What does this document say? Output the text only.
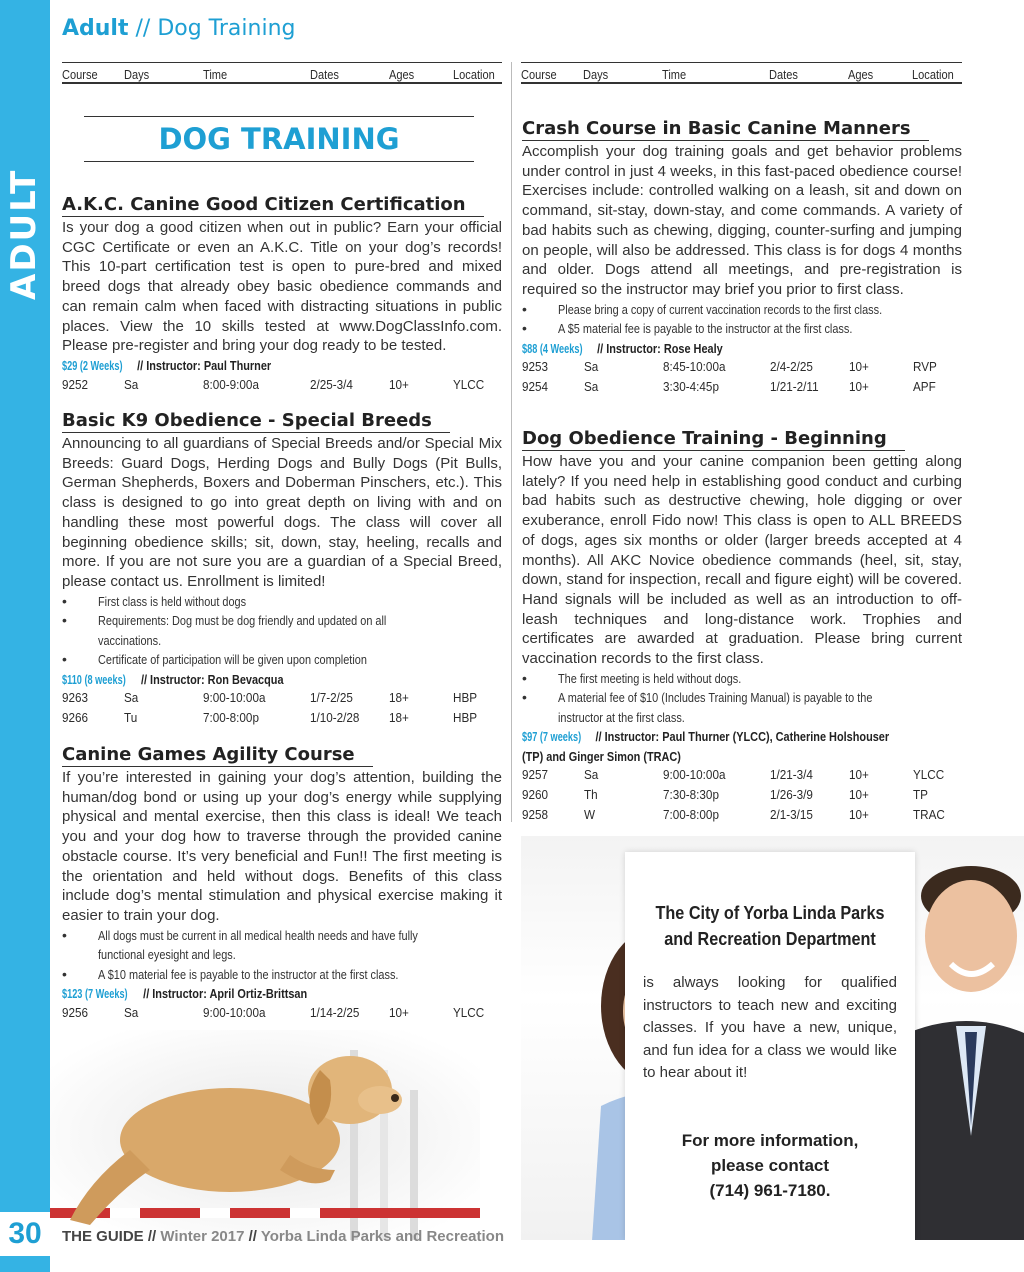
ADULT
30
Adult // Dog Training
Course Days	Time	Dates	Ages	Location Course Days	Time	Dates	Ages	Location
DOG TRAINING
A.K.C. Canine Good Citizen Certification

Is your dog a good citizen when out in public? Earn your official CGC Certificate or even an A.K.C. Title on your dog’s records! This 10-part certification test is open to pure-bred and mixed breed dogs that already obey basic obedience commands and can remain calm when faced with distracting situations in public places. View the 10 skills tested at www.DogClassInfo.com. Please pre-register and bring your dog ready to be tested.

$29 (2 Weeks) // Instructor: Paul Thurner
9252	Sa	8:00-9:00a	2/25-3/4	10+	YLCC
Basic K9 Obedience - Special Breeds

Announcing to all guardians of Special Breeds and/or Special Mix Breeds: Guard Dogs, Herding Dogs and Bully Dogs (Pit Bulls, German Shepherds, Boxers and Doberman Pinschers, etc.). This class is designed to go into great depth on living with and on handling these most powerful dogs. The class will cover all beginning obedience skills; sit, down, stay, heeling, recalls and more. If you are not sure you are a guardian of a Special Breed, please contact us. Enrollment is limited!

• First class is held without dogs
• Requirements: Dog must be dog friendly and updated on all
vaccinations.
• Certificate of participation will be given upon completion
$110 (8 weeks) // Instructor: Ron Bevacqua
9263	Sa	9:00-10:00a	1/7-2/25	18+	HBP
9266	Tu	7:00-8:00p	1/10-2/28 18+	HBP
Canine Games Agility Course

If you’re interested in gaining your dog’s attention, building the human/dog bond or using up your dog’s energy while supplying physical and mental exercise, then this class is ideal! We teach you and your dog how to traverse through the provided canine obstacle course. It’s very beneficial and Fun!! The first meeting is the orientation and held without dogs. Benefits of this class include dog’s mental stimulation and physical exercise making it easier to train your dog.

• All dogs must be current in all medical health needs and have fully
functional eyesight and legs.
• A $10 material fee is payable to the instructor at the first class.
$123 (7 Weeks) // Instructor: April Ortiz-Brittsan
9256	Sa	9:00-10:00a	1/14-2/25 10+	YLCC
Crash Course in Basic Canine Manners

Accomplish your dog training goals and get behavior problems under control in just 4 weeks, in this fast-paced obedience course! Exercises include: controlled walking on a leash, sit and down on command, sit-stay, down-stay, and come commands. A variety of bad habits such as chewing, digging, counter-surfing and jumping on people, will also be addressed. This class is for dogs 4 months and older. Dogs attend all meetings, and pre-registration is required so the instructor may brief you prior to first class.

• Please bring a copy of current vaccination records to the first class.
• A $5 material fee is payable to the instructor at the first class.
$88 (4 Weeks) // Instructor: Rose Healy
9253	Sa	8:45-10:00a	2/4-2/25	10+	RVP
9254	Sa	3:30-4:45p	1/21-2/11 10+	APF
Dog Obedience Training - Beginning

How have you and your canine companion been getting along lately? If you need help in establishing good conduct and curbing bad habits such as destructive chewing, hole digging or over exuberance, enroll Fido now! This class is open to ALL BREEDS of dogs, ages six months or older (larger breeds accepted at 4 months). All AKC Novice obedience commands (heel, sit, stay, down, stand for inspection, recall and figure eight) will be covered. Hand signals will be included as well as an introduction to off-leash techniques and long-distance work. Trophies and certificates are awarded at graduation. Please bring current vaccination records to the first class.

• The first meeting is held without dogs.
• A material fee of $10 (Includes Training Manual) is payable to the
instructor at the first class.
$97 (7 weeks) // Instructor: Paul Thurner (YLCC), Catherine Holshouser
(TP) and Ginger Simon (TRAC)
9257	Sa	9:00-10:00a	1/21-3/4	10+	YLCC
9260	Th	7:30-8:30p	1/26-3/9	10+	TP
9258	W	7:00-8:00p	2/1-3/15	10+	TRAC
The City of Yorba Linda Parks
and Recreation Department
is always looking for qualified instructors to teach new and exciting classes. If you have a new, unique, and fun idea for a class we would like to hear about it!
For more information,
please contact
(714) 961-7180.
THE GUIDE // Winter 2017 // Yorba Linda Parks and Recreation
